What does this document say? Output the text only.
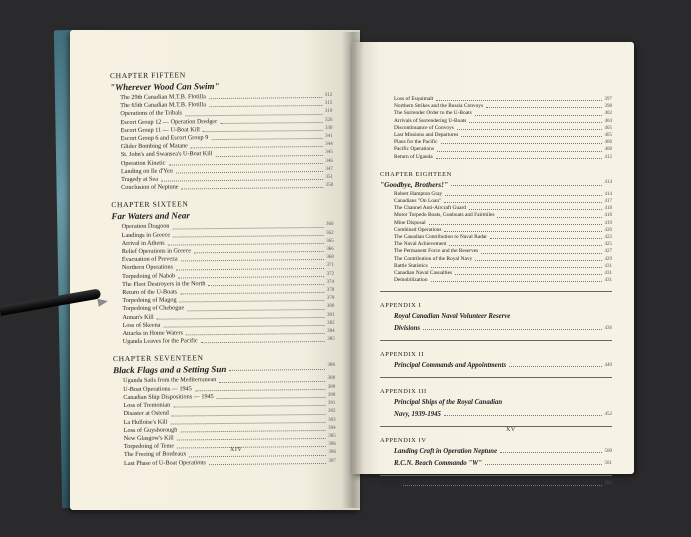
CHAPTER FIFTEEN
"Wherever Wood Can Swim"
The 29th Canadian M.T.B. Flotilla	312
The 65th Canadian M.T.B. Flotilla	315
Operations of the Tribals	319
Escort Group 12 — Operation Dredger	326
Escort Group 11 — U-Boat Kill	330
Escort Group 6 and Escort Group 9	341
Glider Bombing of Matane	344
St. John's and Swansea's U-Boat Kill	345
Operation Kinetic	346
Landing on Ile d'Yeu	347
Tragedy at Sea	351
Conclusion of Neptune	358
CHAPTER SIXTEEN
Far Waters and Near
Operation Dragoon	360
Landings in Greece	362
Arrival in Athens	365
Relief Operations in Greece	366
Evacuation of Preveza	368
Northern Operations	371
Torpedoing of Nabob	372
The Fleet Destroyers in the North	374
Return of the U-Boats	378
Torpedoing of Magog	379
Torpedoing of Chebogue	380
Annan's Kill	381
Loss of Skeena	382
Attacks in Home Waters	384
Uganda Leaves for the Pacific	385
CHAPTER SEVENTEEN
Black Flags and a Setting Sun	388
Uganda Sails from the Mediterranean	388
U-Boat Operations — 1945	389
Canadian Ship Dispositions — 1945	390
Loss of Trentonian	391
Disaster at Ostend	392
La Hulloise's Kill	393
Loss of Guysborough	394
New Glasgow's Kill	395
Torpedoing of Teme	396
The Freeing of Bordeaux	396
Last Phase of U-Boat Operations	397
XIV
Loss of Esquimalt	397
Northern Strikes and the Russia Convoys	398
The Surrender Order to the U-Boats	402
Arrivals of Surrendering U-Boats	404
Discontinuance of Convoys	405
Last Missions and Departures	405
Plans for the Pacific	406
Pacific Operations	408
Return of Uganda	412
CHAPTER EIGHTEEN
"Goodbye, Brothers!"	414
Robert Hampton Gray	414
Canadians "On Loan"	417
The Channel Anti-Aircraft Guard	418
Motor Torpedo Boats, Gunboats and Fairmiles	418
Mine Disposal	419
Combined Operations	420
The Canadian Contribution to Naval Radar	422
The Naval Achievement	425
The Permanent Force and the Reserves	427
The Contribution of the Royal Navy	429
Battle Statistics	431
Canadian Naval Casualties	431
Demobilization	431
APPENDIX I
Royal Canadian Naval Volunteer Reserve
Divisions	436
APPENDIX II
Principal Commands and Appointments	440
APPENDIX III
Principal Ships of the Royal Canadian
Navy, 1939-1945	452
APPENDIX IV
Landing Craft in Operation Neptune	500
R.C.N. Beach Commando "W"	501
INDEX	502
XV
